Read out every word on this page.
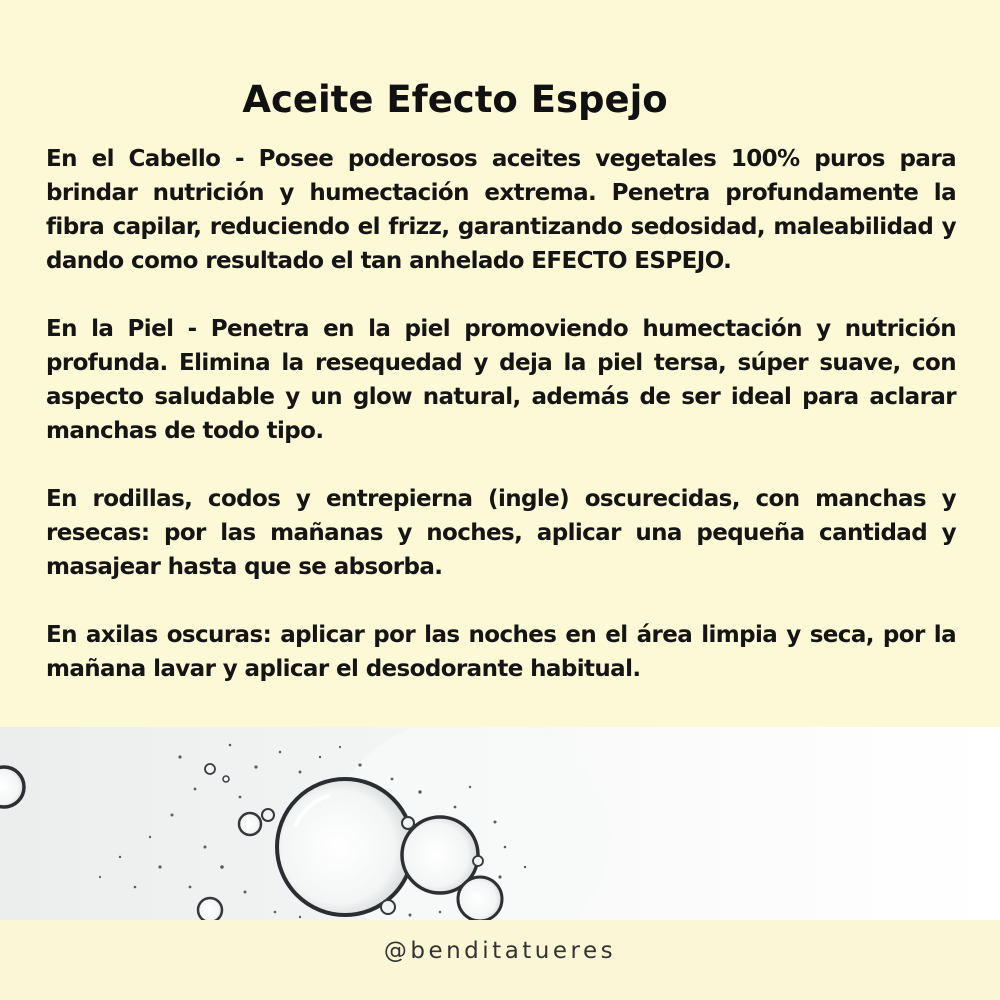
Aceite Efecto Espejo

En el Cabello - Posee poderosos aceites vegetales 100% puros para brindar nutrición y humectación extrema. Penetra profundamente la fibra capilar, reduciendo el frizz, garantizando sedosidad, maleabilidad y dando como resultado el tan anhelado EFECTO ESPEJO.

En la Piel - Penetra en la piel promoviendo humectación y nutrición profunda. Elimina la resequedad y deja la piel tersa, súper suave, con aspecto saludable y un glow natural, además de ser ideal para aclarar manchas de todo tipo.

En rodillas, codos y entrepierna (ingle) oscurecidas, con manchas y resecas: por las mañanas y noches, aplicar una pequeña cantidad y masajear hasta que se absorba.

En axilas oscuras: aplicar por las noches en el área limpia y seca, por la mañana lavar y aplicar el desodorante habitual.

@benditatueres
